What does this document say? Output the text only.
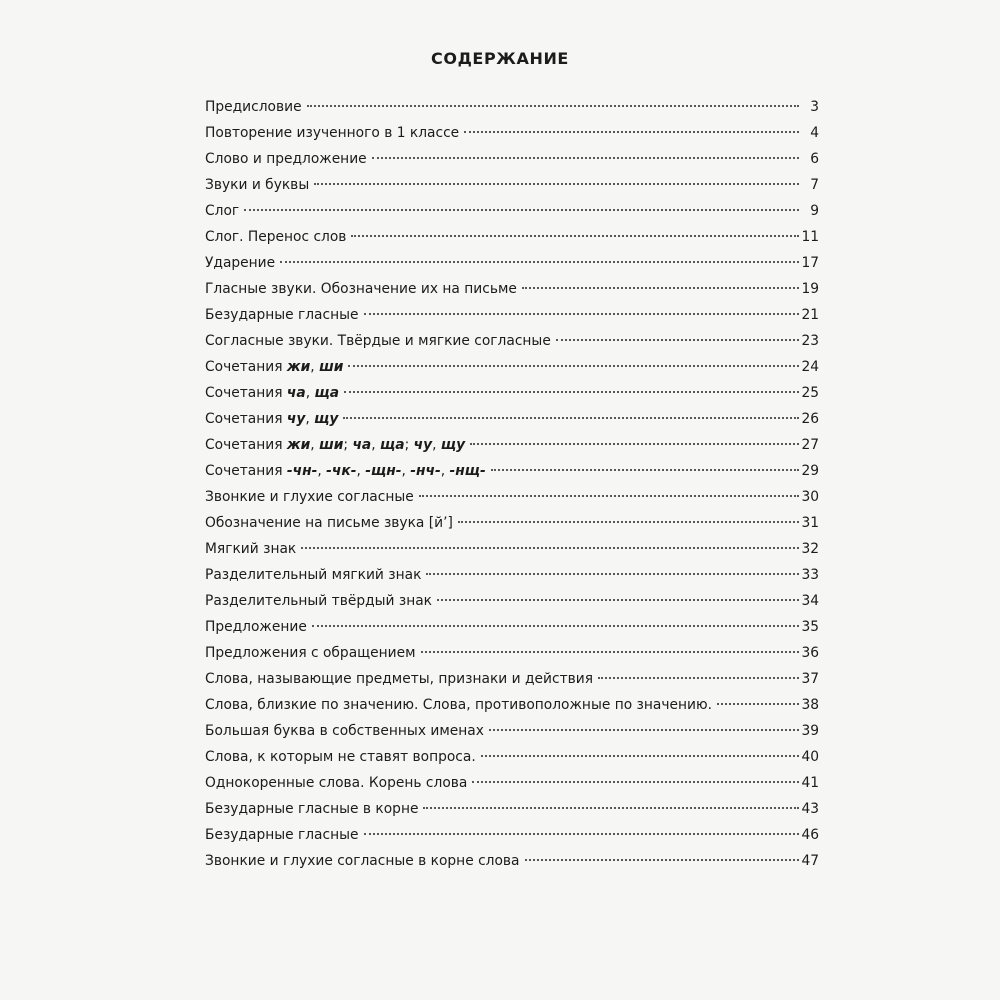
СОДЕРЖАНИЕ
Предисловие	3
Повторение изученного в 1 классе	4
Слово и предложение	6
Звуки и буквы	7
Слог	9
Слог. Перенос слов	11
Ударение	17
Гласные звуки. Обозначение их на письме	19
Безударные гласные	21
Согласные звуки. Твёрдые и мягкие согласные	23
Сочетания жи, ши	24
Сочетания ча, ща	25
Сочетания чу, щу	26
Сочетания жи, ши; ча, ща; чу, щу	27
Сочетания -чн-, -чк-, -щн-, -нч-, -нщ-	29
Звонкие и глухие согласные	30
Обозначение на письме звука [й’]	31
Мягкий знак	32
Разделительный мягкий знак	33
Разделительный твёрдый знак	34
Предложение	35
Предложения с обращением	36
Слова, называющие предметы, признаки и действия	37
Слова, близкие по значению. Слова, противоположные по значению.	38
Большая буква в собственных именах	39
Слова, к которым не ставят вопроса.	40
Однокоренные слова. Корень слова	41
Безударные гласные в корне	43
Безударные гласные	46
Звонкие и глухие согласные в корне слова	47
